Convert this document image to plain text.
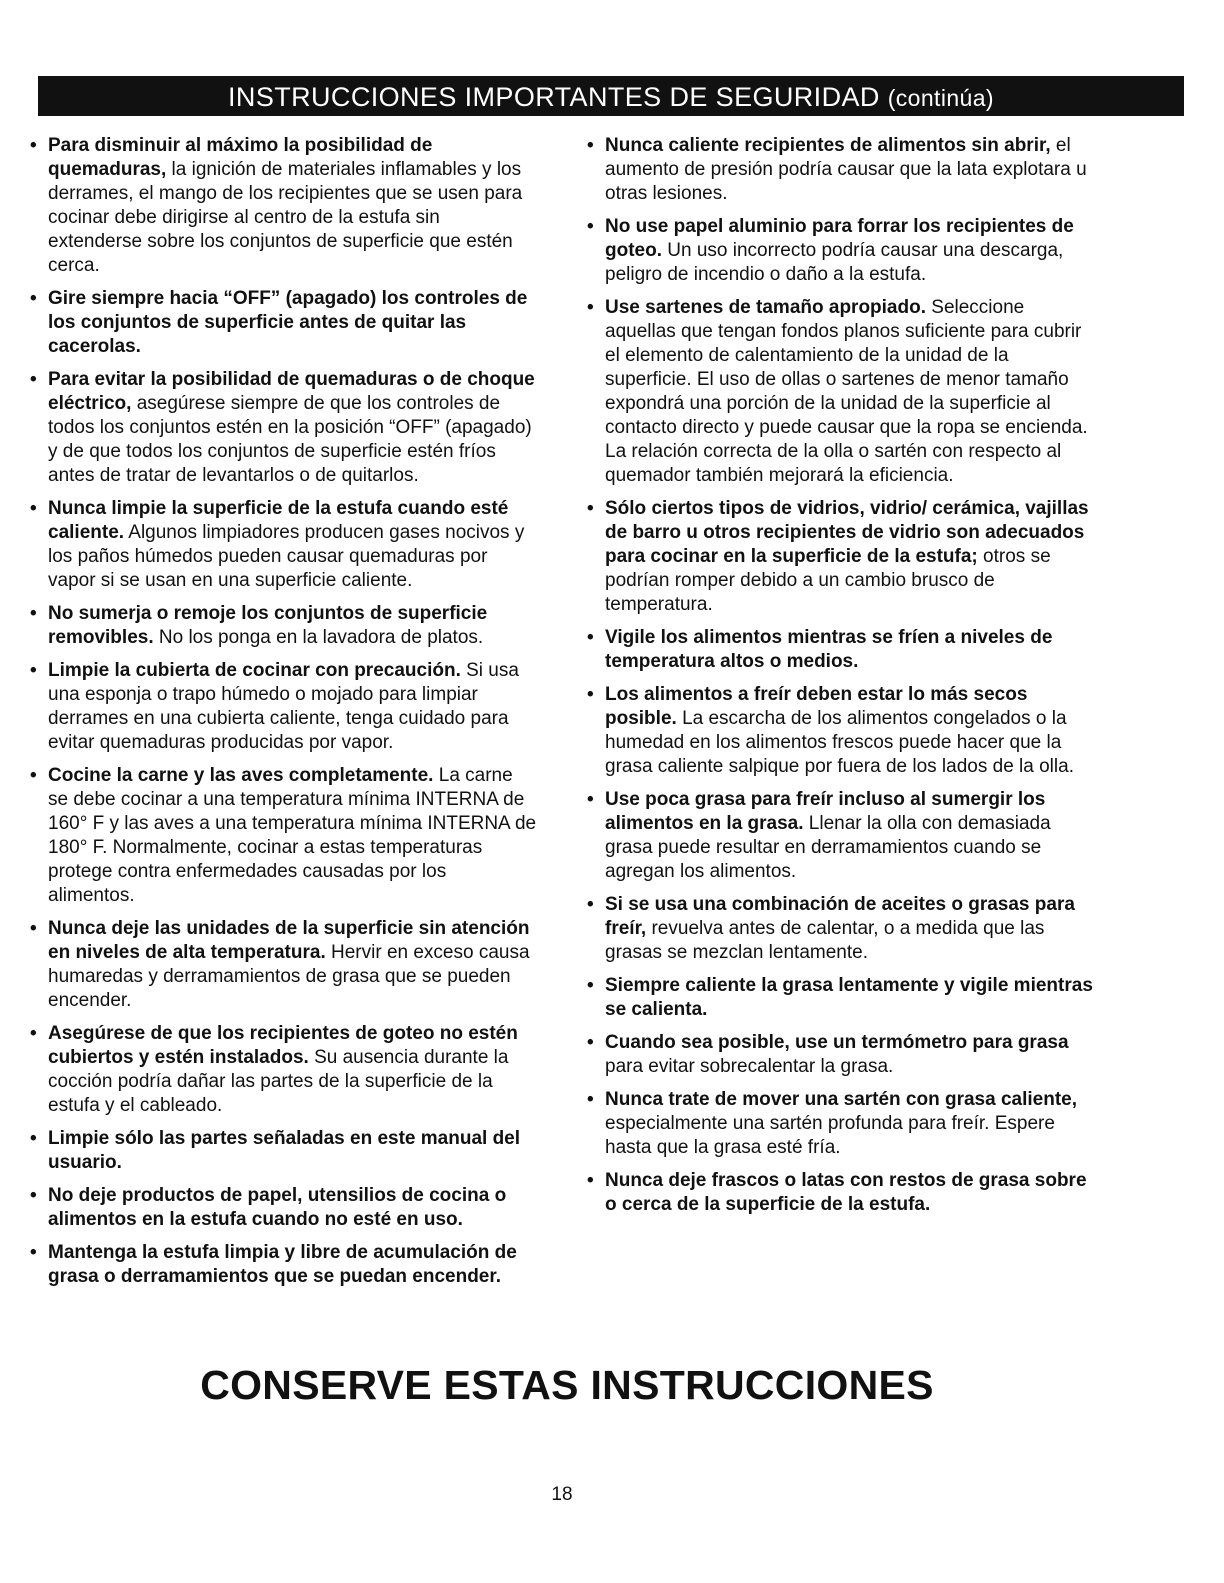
INSTRUCCIONES IMPORTANTES DE SEGURIDAD (continúa)
• Para disminuir al máximo la posibilidad de quemaduras, la ignición de materiales inflamables y los derrames, el mango de los recipientes que se usen para cocinar debe dirigirse al centro de la estufa sin extenderse sobre los conjuntos de superficie que estén cerca.
• Gire siempre hacia “OFF” (apagado) los controles de los conjuntos de superficie antes de quitar las cacerolas.
• Para evitar la posibilidad de quemaduras o de choque eléctrico, asegúrese siempre de que los controles de todos los conjuntos estén en la posición “OFF” (apagado) y de que todos los conjuntos de superficie estén fríos antes de tratar de levantarlos o de quitarlos.
• Nunca limpie la superficie de la estufa cuando esté caliente. Algunos limpiadores producen gases nocivos y los paños húmedos pueden causar quemaduras por vapor si se usan en una superficie caliente.
• No sumerja o remoje los conjuntos de superficie removibles. No los ponga en la lavadora de platos.
• Limpie la cubierta de cocinar con precaución. Si usa una esponja o trapo húmedo o mojado para limpiar derrames en una cubierta caliente, tenga cuidado para evitar quemaduras producidas por vapor.
• Cocine la carne y las aves completamente. La carne se debe cocinar a una temperatura mínima INTERNA de 160° F y las aves a una temperatura mínima INTERNA de 180° F. Normalmente, cocinar a estas temperaturas protege contra enfermedades causadas por los alimentos.
• Nunca deje las unidades de la superficie sin atención en niveles de alta temperatura. Hervir en exceso causa humaredas y derramamientos de grasa que se pueden encender.
• Asegúrese de que los recipientes de goteo no estén cubiertos y estén instalados. Su ausencia durante la cocción podría dañar las partes de la superficie de la estufa y el cableado.
• Limpie sólo las partes señaladas en este manual del usuario.
• No deje productos de papel, utensilios de cocina o alimentos en la estufa cuando no esté en uso.
• Mantenga la estufa limpia y libre de acumulación de grasa o derramamientos que se puedan encender.
• Nunca caliente recipientes de alimentos sin abrir, el aumento de presión podría causar que la lata explotara u otras lesiones.
• No use papel aluminio para forrar los recipientes de goteo. Un uso incorrecto podría causar una descarga, peligro de incendio o daño a la estufa.
• Use sartenes de tamaño apropiado. Seleccione aquellas que tengan fondos planos suficiente para cubrir el elemento de calentamiento de la unidad de la superficie. El uso de ollas o sartenes de menor tamaño expondrá una porción de la unidad de la superficie al contacto directo y puede causar que la ropa se encienda. La relación correcta de la olla o sartén con respecto al quemador también mejorará la eficiencia.
• Sólo ciertos tipos de vidrios, vidrio/ cerámica, vajillas de barro u otros recipientes de vidrio son adecuados para cocinar en la superficie de la estufa; otros se podrían romper debido a un cambio brusco de temperatura.
• Vigile los alimentos mientras se fríen a niveles de temperatura altos o medios.
• Los alimentos a freír deben estar lo más secos posible. La escarcha de los alimentos congelados o la humedad en los alimentos frescos puede hacer que la grasa caliente salpique por fuera de los lados de la olla.
• Use poca grasa para freír incluso al sumergir los alimentos en la grasa. Llenar la olla con demasiada grasa puede resultar en derramamientos cuando se agregan los alimentos.
• Si se usa una combinación de aceites o grasas para freír, revuelva antes de calentar, o a medida que las grasas se mezclan lentamente.
• Siempre caliente la grasa lentamente y vigile mientras se calienta.
• Cuando sea posible, use un termómetro para grasa para evitar sobrecalentar la grasa.
• Nunca trate de mover una sartén con grasa caliente, especialmente una sartén profunda para freír. Espere hasta que la grasa esté fría.
• Nunca deje frascos o latas con restos de grasa sobre o cerca de la superficie de la estufa.
CONSERVE ESTAS INSTRUCCIONES
18
